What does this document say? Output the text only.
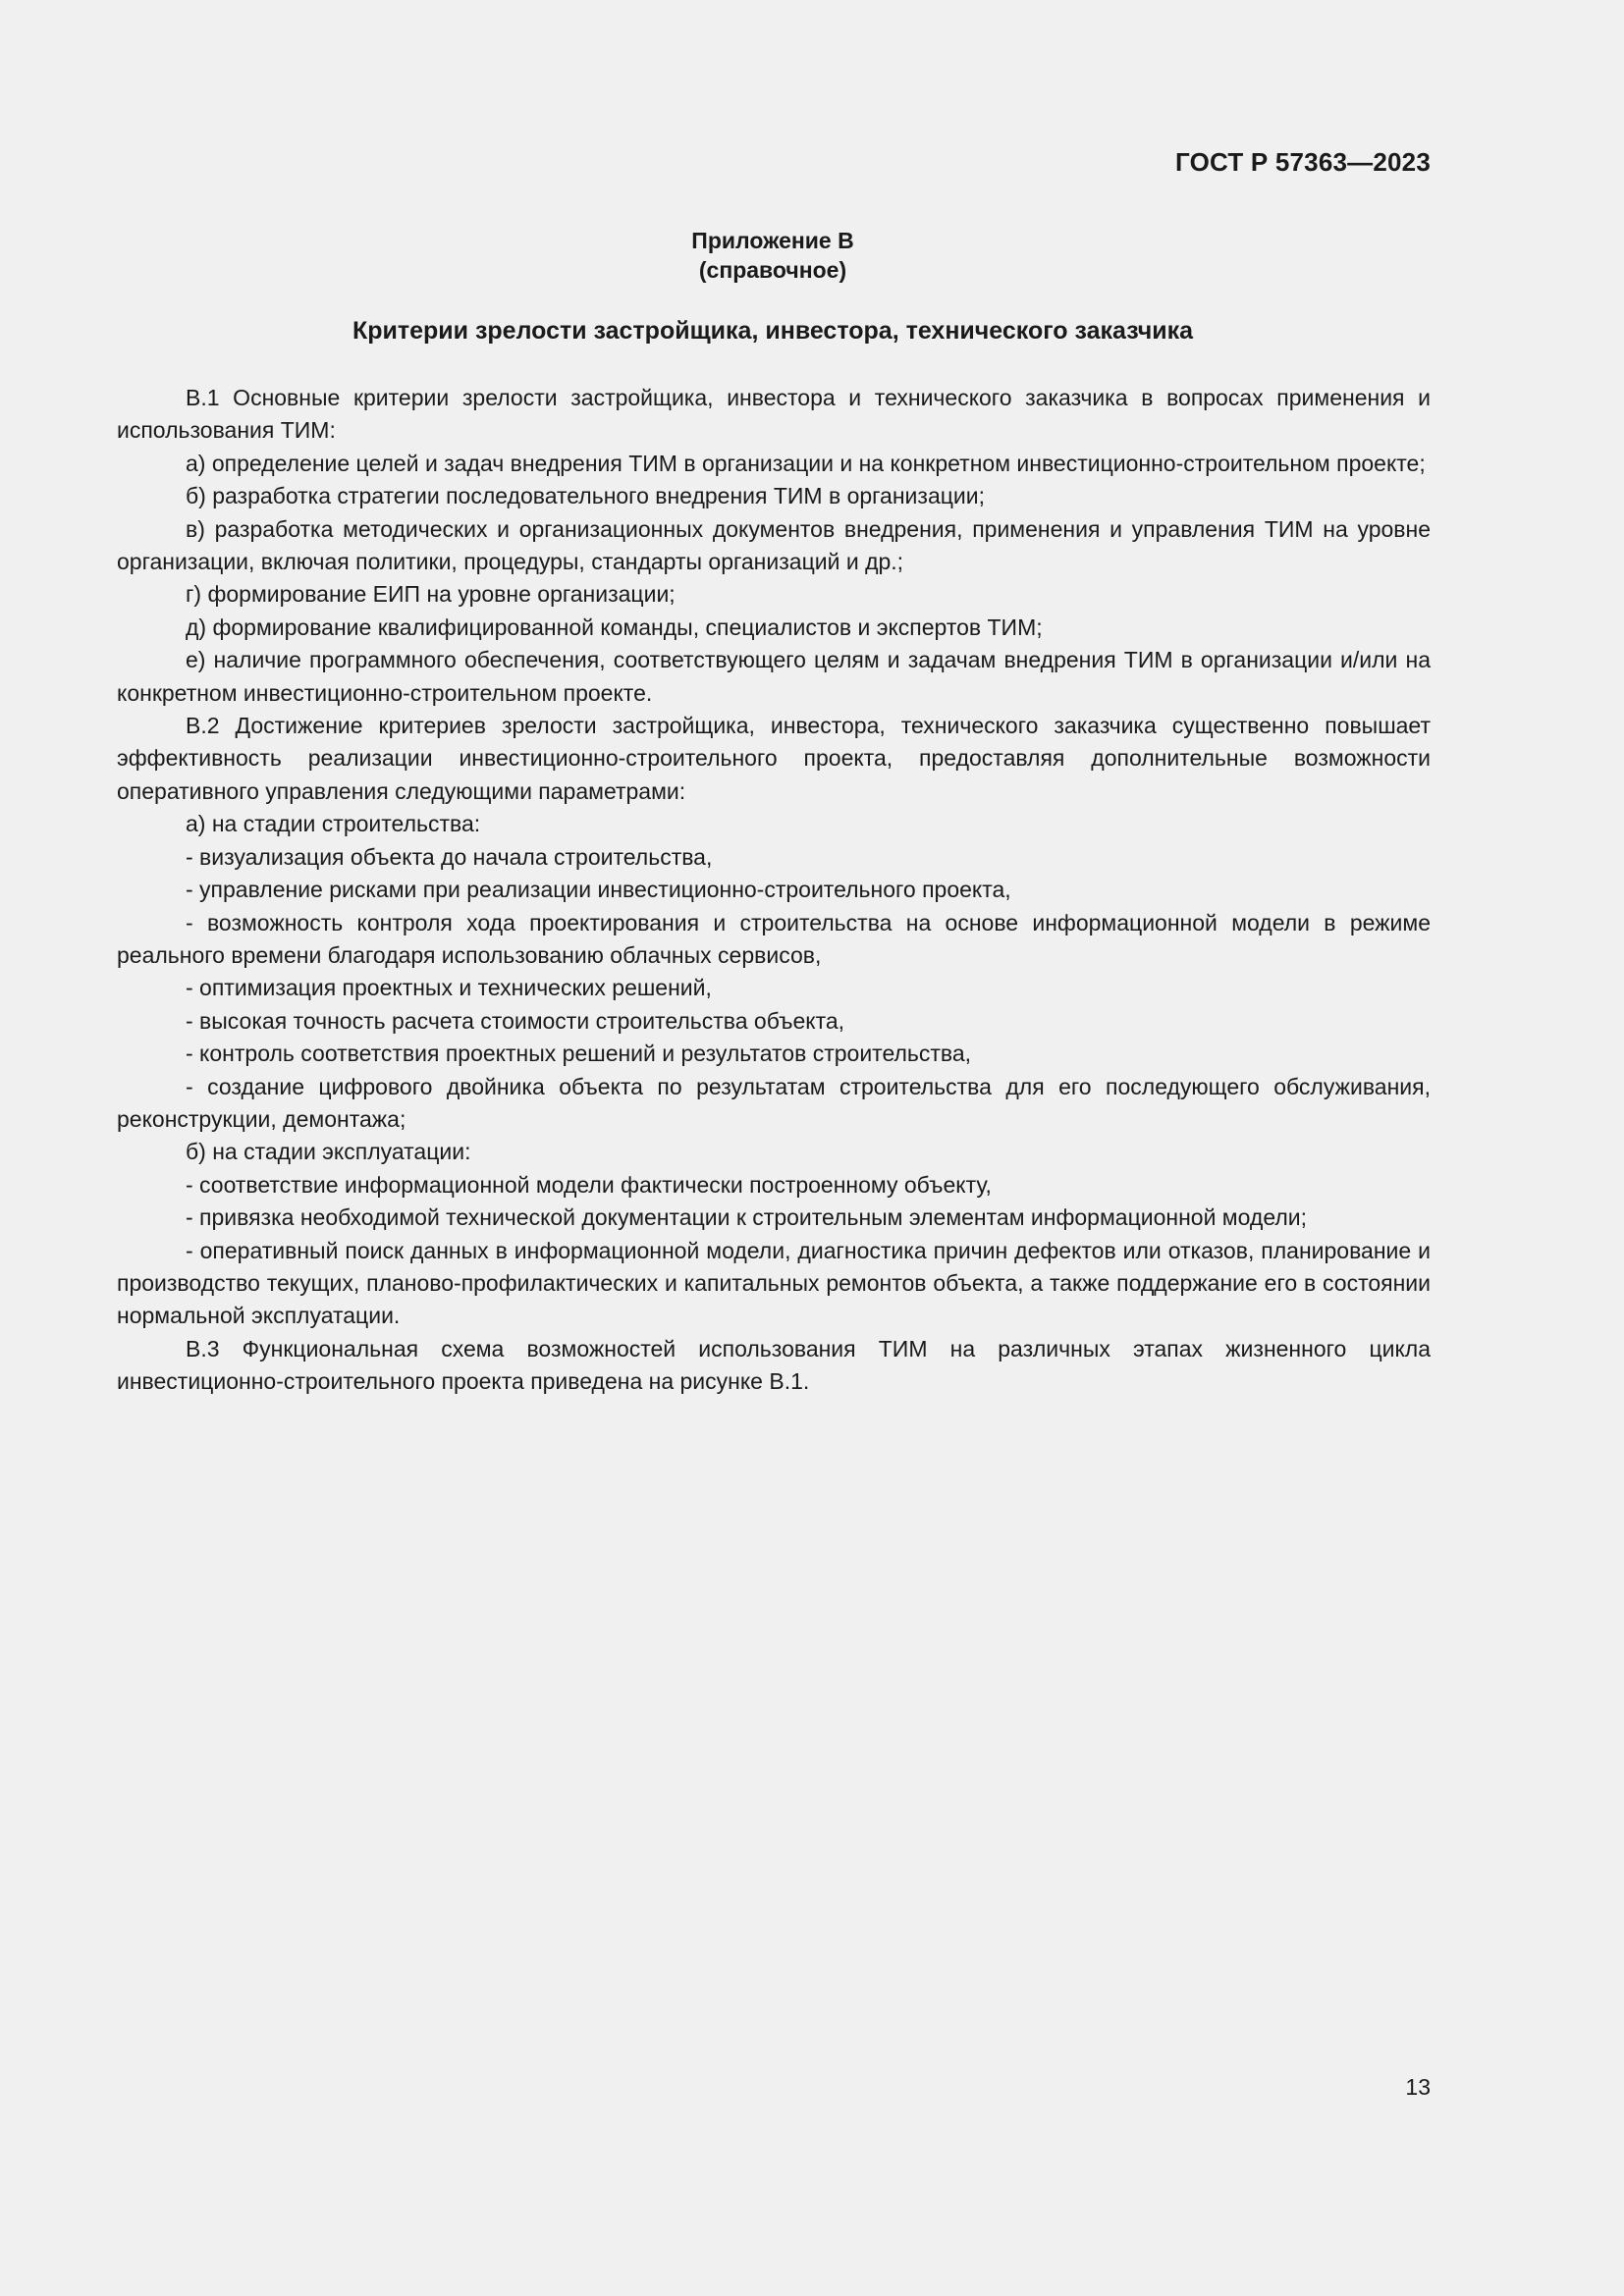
ГОСТ Р 57363—2023
Приложение В
(справочное)
Критерии зрелости застройщика, инвестора, технического заказчика

В.1 Основные критерии зрелости застройщика, инвестора и технического заказчика в вопросах применения и использования ТИМ:

а) определение целей и задач внедрения ТИМ в организации и на конкретном инвестиционно-строительном проекте;

б) разработка стратегии последовательного внедрения ТИМ в организации;

в) разработка методических и организационных документов внедрения, применения и управления ТИМ на уровне организации, включая политики, процедуры, стандарты организаций и др.;

г) формирование ЕИП на уровне организации;

д) формирование квалифицированной команды, специалистов и экспертов ТИМ;

е) наличие программного обеспечения, соответствующего целям и задачам внедрения ТИМ в организации и/или на конкретном инвестиционно-строительном проекте.

В.2 Достижение критериев зрелости застройщика, инвестора, технического заказчика существенно повышает эффективность реализации инвестиционно-строительного проекта, предоставляя дополнительные возможности оперативного управления следующими параметрами:

а) на стадии строительства:

- визуализация объекта до начала строительства,

- управление рисками при реализации инвестиционно-строительного проекта,

- возможность контроля хода проектирования и строительства на основе информационной модели в режиме реального времени благодаря использованию облачных сервисов,

- оптимизация проектных и технических решений,

- высокая точность расчета стоимости строительства объекта,

- контроль соответствия проектных решений и результатов строительства,

- создание цифрового двойника объекта по результатам строительства для его последующего обслуживания, реконструкции, демонтажа;

б) на стадии эксплуатации:

- соответствие информационной модели фактически построенному объекту,

- привязка необходимой технической документации к строительным элементам информационной модели;

- оперативный поиск данных в информационной модели, диагностика причин дефектов или отказов, планирование и производство текущих, планово-профилактических и капитальных ремонтов объекта, а также поддержание его в состоянии нормальной эксплуатации.

В.3 Функциональная схема возможностей использования ТИМ на различных этапах жизненного цикла инвестиционно-строительного проекта приведена на рисунке В.1.

13
